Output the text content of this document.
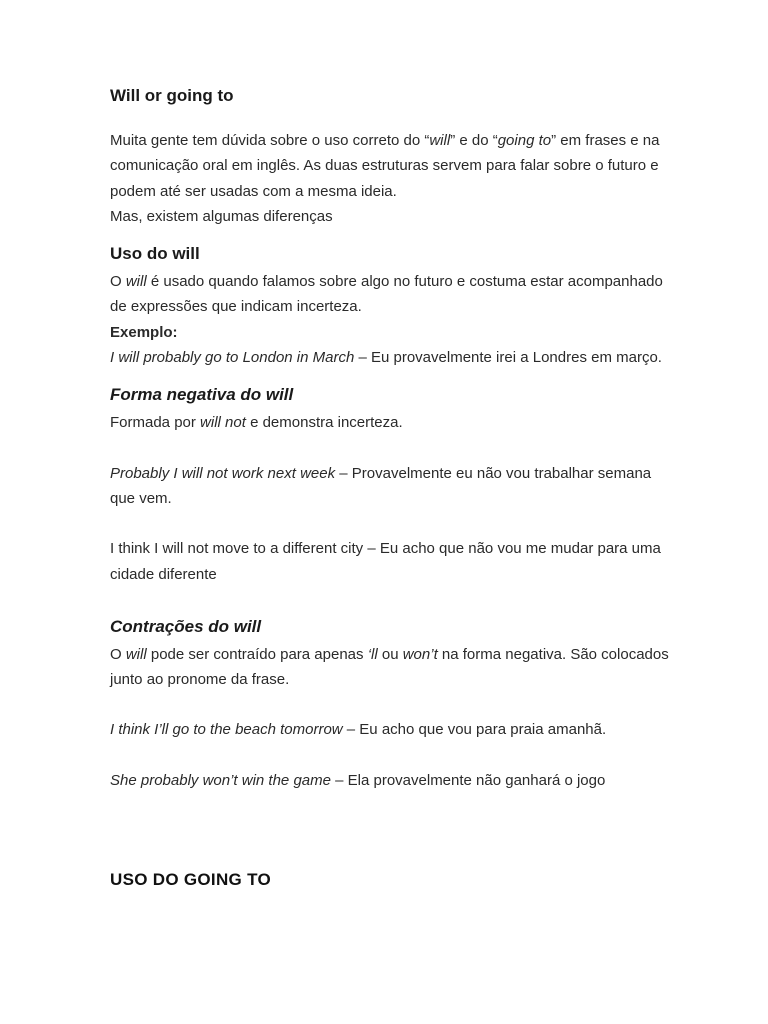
Will or going to

Muita gente tem dúvida sobre o uso correto do “will” e do “going to” em frases e na comunicação oral em inglês. As duas estruturas servem para falar sobre o futuro e podem até ser usadas com a mesma ideia.

Mas, existem algumas diferenças

Uso do will

O will é usado quando falamos sobre algo no futuro e costuma estar acompanhado de expressões que indicam incerteza.

Exemplo:

I will probably go to London in March – Eu provavelmente irei a Londres em março.

Forma negativa do will

Formada por will not e demonstra incerteza.

Probably I will not work next week – Provavelmente eu não vou trabalhar semana que vem.

I think I will not move to a different city – Eu acho que não vou me mudar para uma cidade diferente

Contrações do will

O will pode ser contraído para apenas ‘ll ou won’t na forma negativa. São colocados junto ao pronome da frase.

I think I’ll go to the beach tomorrow – Eu acho que vou para praia amanhã.

She probably won’t win the game – Ela provavelmente não ganhará o jogo

USO DO GOING TO
